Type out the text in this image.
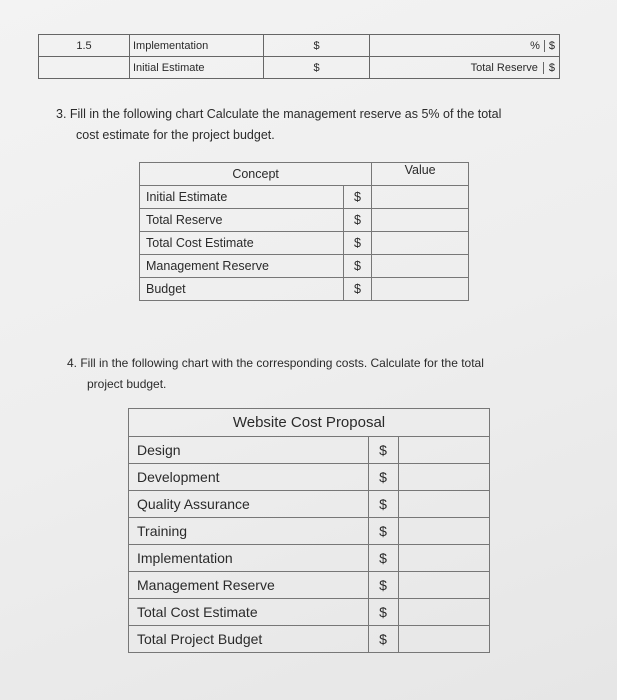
1.5	Implementation	$	% $
	Initial Estimate	$	Total Reserve $
3. Fill in the following chart Calculate the management reserve as 5% of the total
cost estimate for the project budget.
Concept		Value
Initial Estimate	$	
Total Reserve	$	
Total Cost Estimate	$	
Management Reserve	$	
Budget	$	
4. Fill in the following chart with the corresponding costs. Calculate for the total
project budget.
Website Cost Proposal		
Design	$	
Development	$	
Quality Assurance	$	
Training	$	
Implementation	$	
Management Reserve	$	
Total Cost Estimate	$	
Total Project Budget	$	
